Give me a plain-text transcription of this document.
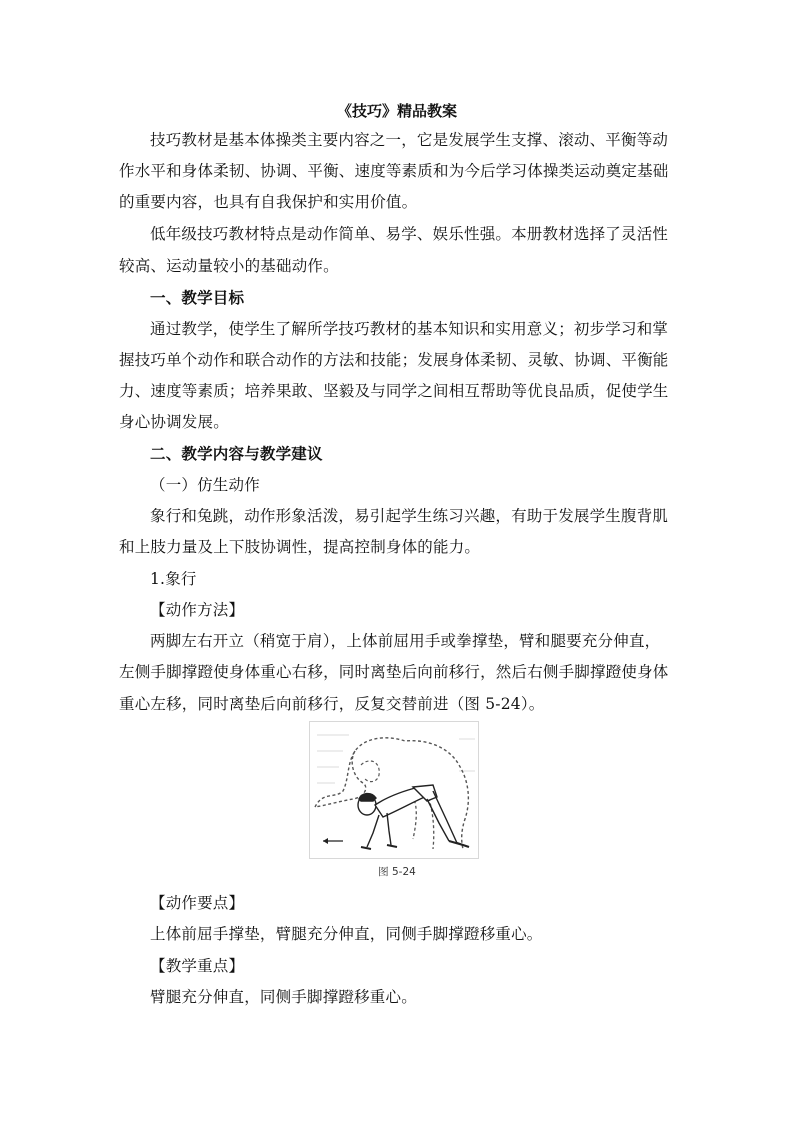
《技巧》精品教案
技巧教材是基本体操类主要内容之一，它是发展学生支撑、滚动、平衡等动
作水平和身体柔韧、协调、平衡、速度等素质和为今后学习体操类运动奠定基础
的重要内容，也具有自我保护和实用价值。
低年级技巧教材特点是动作简单、易学、娱乐性强。本册教材选择了灵活性
较高、运动量较小的基础动作。
一、教学目标
通过教学，使学生了解所学技巧教材的基本知识和实用意义；初步学习和掌
握技巧单个动作和联合动作的方法和技能；发展身体柔韧、灵敏、协调、平衡能
力、速度等素质；培养果敢、坚毅及与同学之间相互帮助等优良品质，促使学生
身心协调发展。
二、教学内容与教学建议
（一）仿生动作
象行和兔跳，动作形象活泼，易引起学生练习兴趣，有助于发展学生腹背肌
和上肢力量及上下肢协调性，提高控制身体的能力。
1.象行
【动作方法】
两脚左右开立（稍宽于肩），上体前屈用手或拳撑垫，臂和腿要充分伸直，
左侧手脚撑蹬使身体重心右移，同时离垫后向前移行，然后右侧手脚撑蹬使身体
重心左移，同时离垫后向前移行，反复交替前进（图 5-24）。
图 5-24
【动作要点】
上体前屈手撑垫，臂腿充分伸直，同侧手脚撑蹬移重心。
【教学重点】
臂腿充分伸直，同侧手脚撑蹬移重心。
